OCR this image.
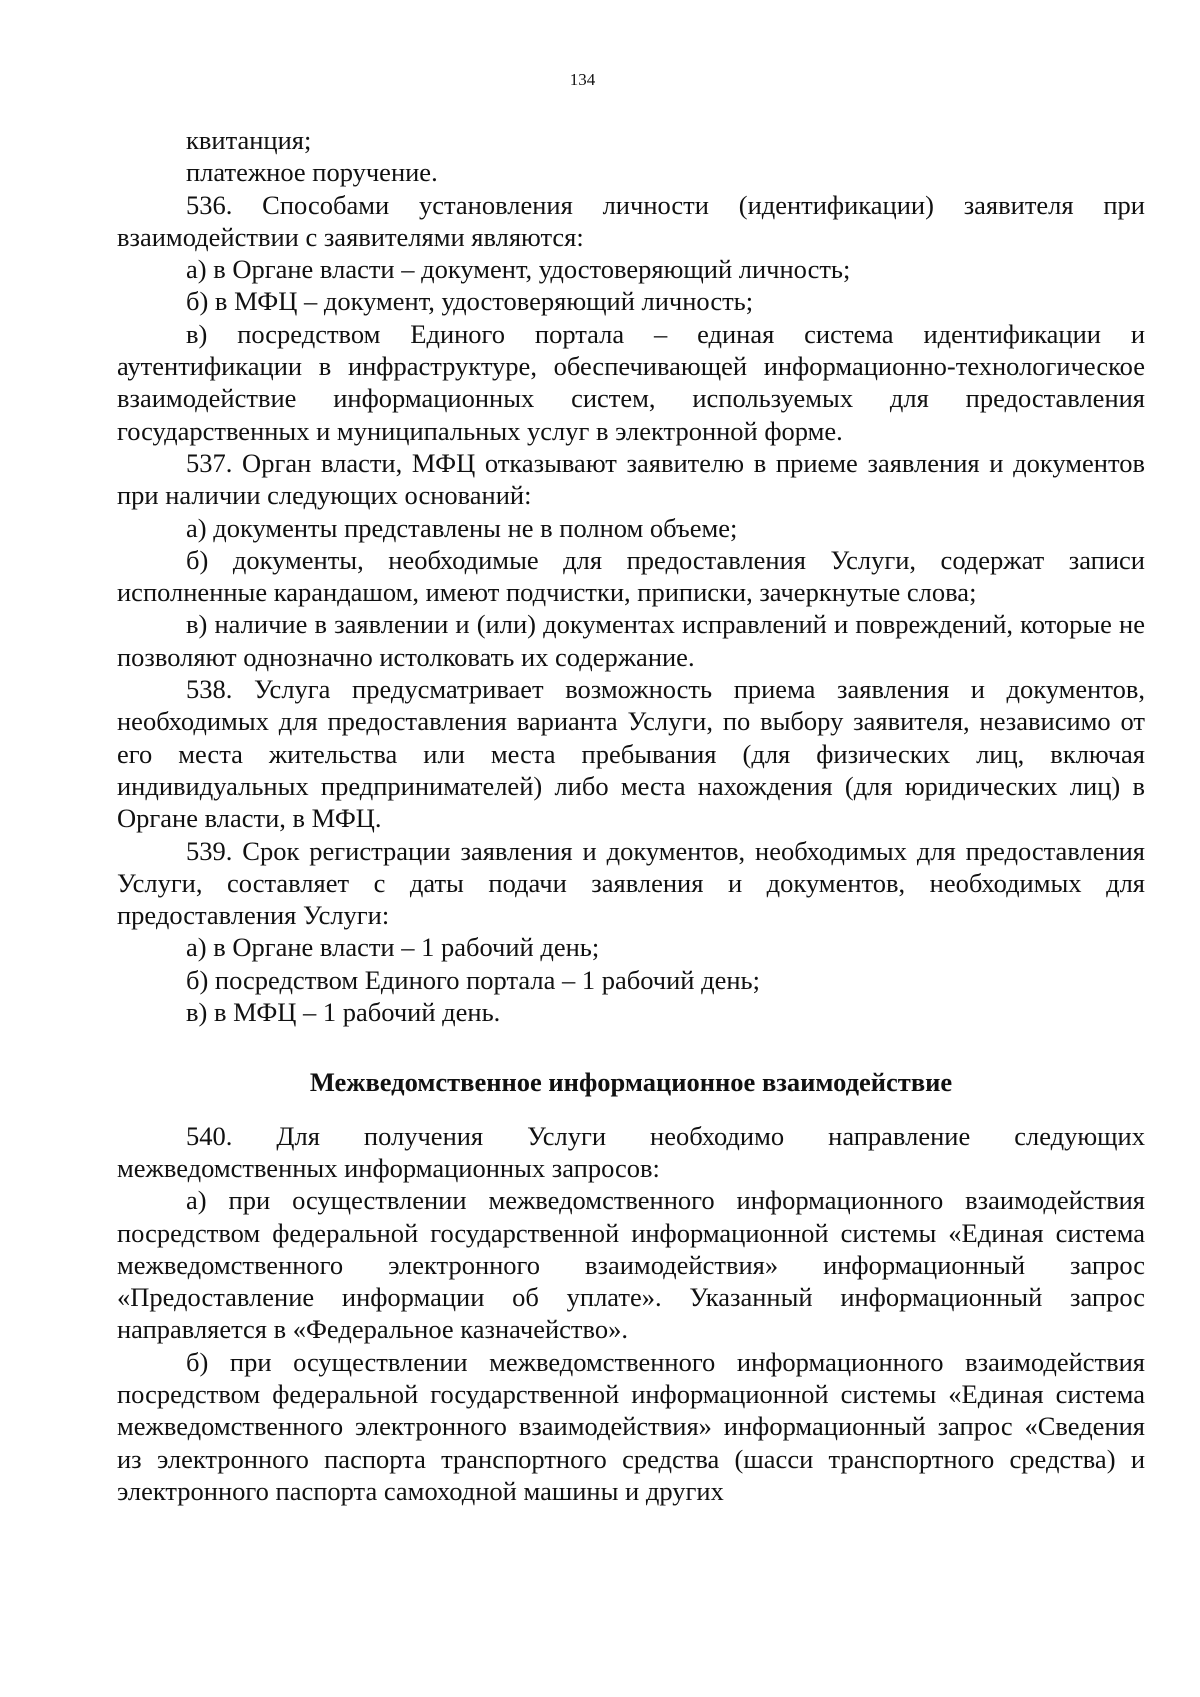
134

квитанция;

платежное поручение.

536. Способами установления личности (идентификации) заявителя при взаимодействии с заявителями являются:

а) в Органе власти – документ, удостоверяющий личность;

б) в МФЦ – документ, удостоверяющий личность;

в) посредством Единого портала – единая система идентификации и аутентификации в инфраструктуре, обеспечивающей информационно-технологическое взаимодействие информационных систем, используемых для предоставления государственных и муниципальных услуг в электронной форме.

537. Орган власти, МФЦ отказывают заявителю в приеме заявления и документов при наличии следующих оснований:

а) документы представлены не в полном объеме;

б) документы, необходимые для предоставления Услуги, содержат записи исполненные карандашом, имеют подчистки, приписки, зачеркнутые слова;

в) наличие в заявлении и (или) документах исправлений и повреждений, которые не позволяют однозначно истолковать их содержание.

538. Услуга предусматривает возможность приема заявления и документов, необходимых для предоставления варианта Услуги, по выбору заявителя, независимо от его места жительства или места пребывания (для физических лиц, включая индивидуальных предпринимателей) либо места нахождения (для юридических лиц) в Органе власти, в МФЦ.

539. Срок регистрации заявления и документов, необходимых для предоставления Услуги, составляет с даты подачи заявления и документов, необходимых для предоставления Услуги:

а) в Органе власти – 1 рабочий день;

б) посредством Единого портала – 1 рабочий день;

в) в МФЦ – 1 рабочий день.

Межведомственное информационное взаимодействие

540. Для получения Услуги необходимо направление следующих межведомственных информационных запросов:

а) при осуществлении межведомственного информационного взаимодействия посредством федеральной государственной информационной системы «Единая система межведомственного электронного взаимодействия» информационный запрос «Предоставление информации об уплате». Указанный информационный запрос направляется в «Федеральное казначейство».

б) при осуществлении межведомственного информационного взаимодействия посредством федеральной государственной информационной системы «Единая система межведомственного электронного взаимодействия» информационный запрос «Сведения из электронного паспорта транспортного средства (шасси транспортного средства) и электронного паспорта самоходной машины и других
